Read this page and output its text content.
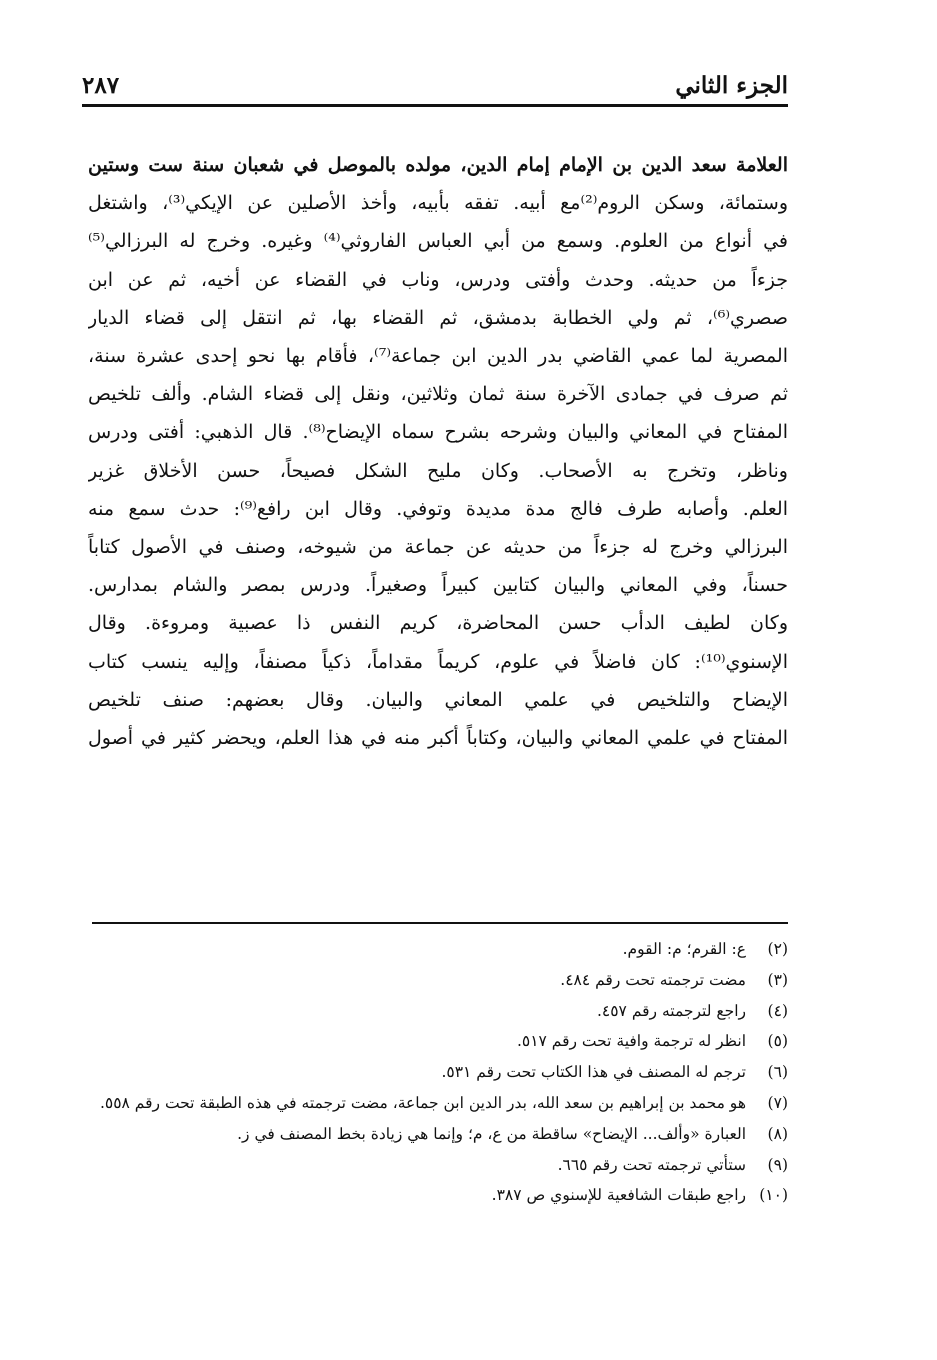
الجزء الثاني
٢٨٧

العلامة سعد الدين بن الإمام إمام الدين، مولده بالموصل في شعبان سنة ست وستين
وستمائة، وسكن الروم⁽²⁾مع أبيه. تفقه بأبيه، وأخذ الأصلين عن الإيكي⁽³⁾، واشتغل
في أنواع من العلوم. وسمع من أبي العباس الفاروثي⁽⁴⁾ وغيره. وخرج له البرزالي⁽⁵⁾
جزءاً من حديثه. وحدث وأفتى ودرس، وناب في القضاء عن أخيه، ثم عن ابن
صصري⁽⁶⁾، ثم ولي الخطابة بدمشق، ثم القضاء بها، ثم انتقل إلى قضاء الديار
المصرية لما عمي القاضي بدر الدين ابن جماعة⁽⁷⁾، فأقام بها نحو إحدى عشرة سنة،
ثم صرف في جمادى الآخرة سنة ثمان وثلاثين، ونقل إلى قضاء الشام. وألف تلخيص
المفتاح في المعاني والبيان وشرحه بشرح سماه الإيضاح⁽⁸⁾. قال الذهبي: أفتى ودرس
وناظر، وتخرج به الأصحاب. وكان مليح الشكل فصيحاً، حسن الأخلاق غزير
العلم. وأصابه طرف فالج مدة مديدة وتوفي. وقال ابن رافع⁽⁹⁾: حدث سمع منه
البرزالي وخرج له جزءاً من حديثه عن جماعة من شيوخه، وصنف في الأصول كتاباً
حسناً، وفي المعاني والبيان كتابين كبيراً وصغيراً. ودرس بمصر والشام بمدارس.
وكان لطيف الدأب حسن المحاضرة، كريم النفس ذا عصبية ومروءة. وقال
الإسنوي⁽¹⁰⁾: كان فاضلاً في علوم، كريماً مقداماً، ذكياً مصنفاً، وإليه ينسب كتاب
الإيضاح والتلخيص في علمي المعاني والبيان. وقال بعضهم: صنف تلخيص
المفتاح في علمي المعاني والبيان، وكتاباً أكبر منه في هذا العلم، ويحضر كثير في أصول

(٢)
ع: القرم؛ م: القوم.
(٣)
مضت ترجمته تحت رقم ٤٨٤.
(٤)
راجع لترجمته رقم ٤٥٧.
(٥)
انظر له ترجمة وافية تحت رقم ٥١٧.
(٦)
ترجم له المصنف في هذا الكتاب تحت رقم ٥٣١.
(٧)
هو محمد بن إبراهيم بن سعد الله، بدر الدين ابن جماعة، مضت ترجمته في هذه الطبقة تحت رقم ٥٥٨.
(٨)
العبارة «وألف... الإيضاح» ساقطة من ع، م؛ وإنما هي زيادة بخط المصنف في ز.
(٩)
ستأتي ترجمته تحت رقم ٦٦٥.
(١٠)
راجع طبقات الشافعية للإسنوي ص ٣٨٧.
